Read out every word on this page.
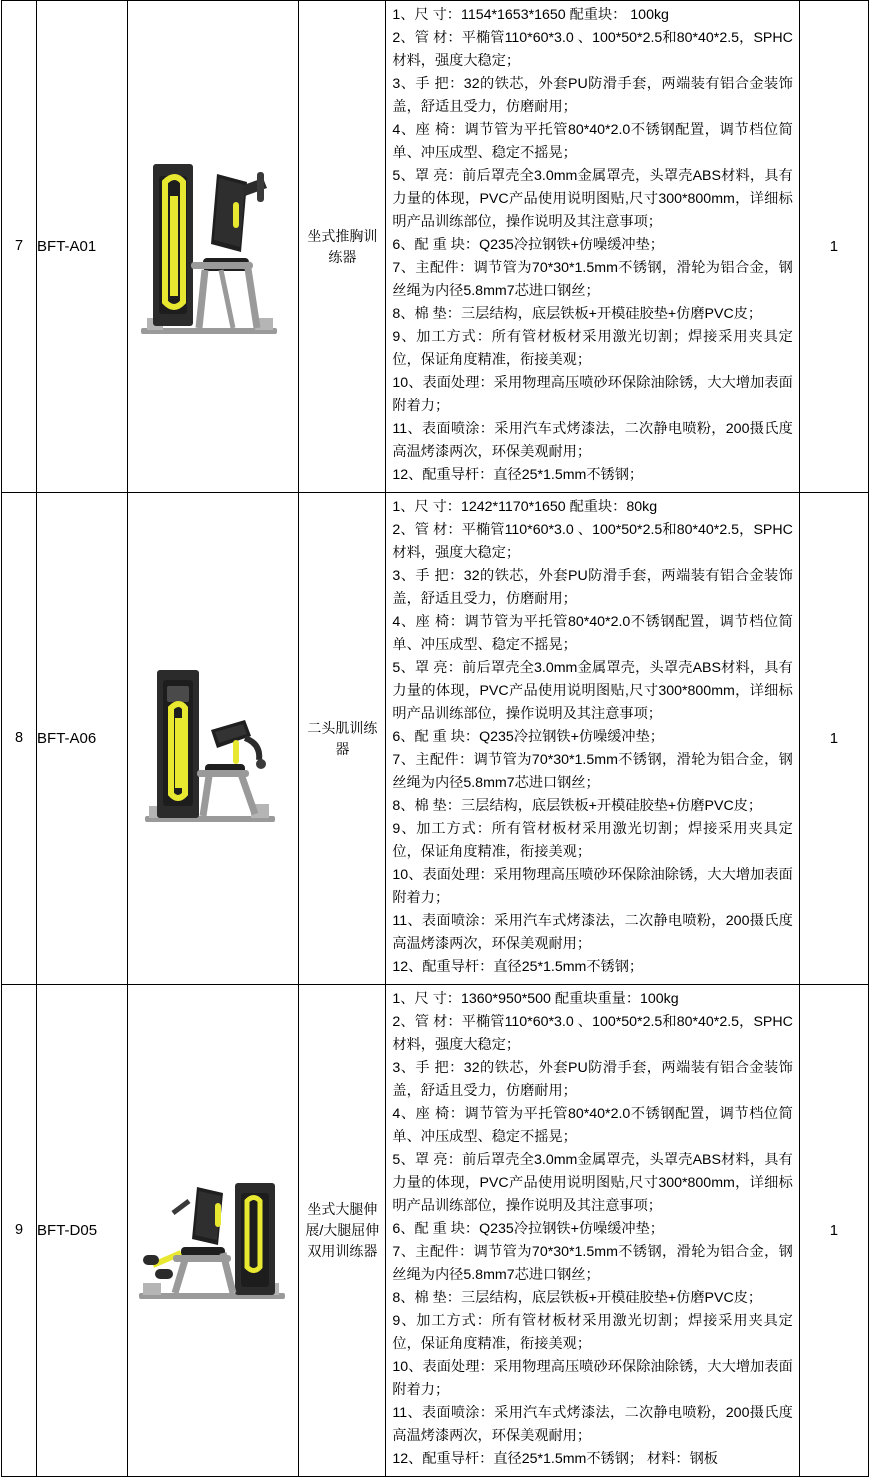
7	BFT-A01	

坐式推胸训练器

1、尺 寸：1154*1653*1650 配重块： 100kg
2、管 材：平椭管110*60*3.0 、100*50*2.5和80*40*2.5，SPHC材料，强度大稳定；
3、手 把：32的铁芯，外套PU防滑手套，两端装有铝合金装饰盖，舒适且受力，仿磨耐用；
4、座 椅：调节管为平托管80*40*2.0不锈钢配置，调节档位简单、冲压成型、稳定不摇晃；
5、罩 亮：前后罩壳全3.0mm金属罩壳，头罩壳ABS材料，具有力量的体现，PVC产品使用说明图贴,尺寸300*800mm，详细标明产品训练部位，操作说明及其注意事项；
6、配 重 块：Q235冷拉钢铁+仿噪缓冲垫；
7、主配件：调节管为70*30*1.5mm不锈钢，滑轮为铝合金，钢丝绳为内径5.8mm7芯进口钢丝；
8、棉 垫：三层结构，底层铁板+开模硅胶垫+仿磨PVC皮；
9、加工方式：所有管材板材采用激光切割；焊接采用夹具定位，保证角度精准，衔接美观；
10、表面处理：采用物理高压喷砂环保除油除锈，大大增加表面附着力；
11、表面喷涂：采用汽车式烤漆法，二次静电喷粉，200摄氏度高温烤漆两次，环保美观耐用；
12、配重导杆：直径25*1.5mm不锈钢；
	1
8	BFT-A06	

二头肌训练器

1、尺 寸：1242*1170*1650 配重块：80kg
2、管 材：平椭管110*60*3.0 、100*50*2.5和80*40*2.5，SPHC材料，强度大稳定；
3、手 把：32的铁芯，外套PU防滑手套，两端装有铝合金装饰盖，舒适且受力，仿磨耐用；
4、座 椅：调节管为平托管80*40*2.0不锈钢配置，调节档位简单、冲压成型、稳定不摇晃；
5、罩 亮：前后罩壳全3.0mm金属罩壳，头罩壳ABS材料，具有力量的体现，PVC产品使用说明图贴,尺寸300*800mm，详细标明产品训练部位，操作说明及其注意事项；
6、配 重 块：Q235冷拉钢铁+仿噪缓冲垫；
7、主配件：调节管为70*30*1.5mm不锈钢，滑轮为铝合金，钢丝绳为内径5.8mm7芯进口钢丝；
8、棉 垫：三层结构，底层铁板+开模硅胶垫+仿磨PVC皮；
9、加工方式：所有管材板材采用激光切割；焊接采用夹具定位，保证角度精准，衔接美观；
10、表面处理：采用物理高压喷砂环保除油除锈，大大增加表面附着力；
11、表面喷涂：采用汽车式烤漆法，二次静电喷粉，200摄氏度高温烤漆两次，环保美观耐用；
12、配重导杆：直径25*1.5mm不锈钢；
	1
9	BFT-D05	

坐式大腿伸展/大腿屈伸双用训练器

1、尺 寸：1360*950*500 配重块重量：100kg
2、管 材：平椭管110*60*3.0 、100*50*2.5和80*40*2.5，SPHC材料，强度大稳定；
3、手 把：32的铁芯，外套PU防滑手套，两端装有铝合金装饰盖，舒适且受力，仿磨耐用；
4、座 椅：调节管为平托管80*40*2.0不锈钢配置，调节档位简单、冲压成型、稳定不摇晃；
5、罩 亮：前后罩壳全3.0mm金属罩壳，头罩壳ABS材料，具有力量的体现，PVC产品使用说明图贴,尺寸300*800mm，详细标明产品训练部位，操作说明及其注意事项；
6、配 重 块：Q235冷拉钢铁+仿噪缓冲垫；
7、主配件：调节管为70*30*1.5mm不锈钢，滑轮为铝合金，钢丝绳为内径5.8mm7芯进口钢丝；
8、棉 垫：三层结构，底层铁板+开模硅胶垫+仿磨PVC皮；
9、加工方式：所有管材板材采用激光切割；焊接采用夹具定位，保证角度精准，衔接美观；
10、表面处理：采用物理高压喷砂环保除油除锈，大大增加表面附着力；
11、表面喷涂：采用汽车式烤漆法，二次静电喷粉，200摄氏度高温烤漆两次，环保美观耐用；
12、配重导杆：直径25*1.5mm不锈钢； 材料：钢板
	1
